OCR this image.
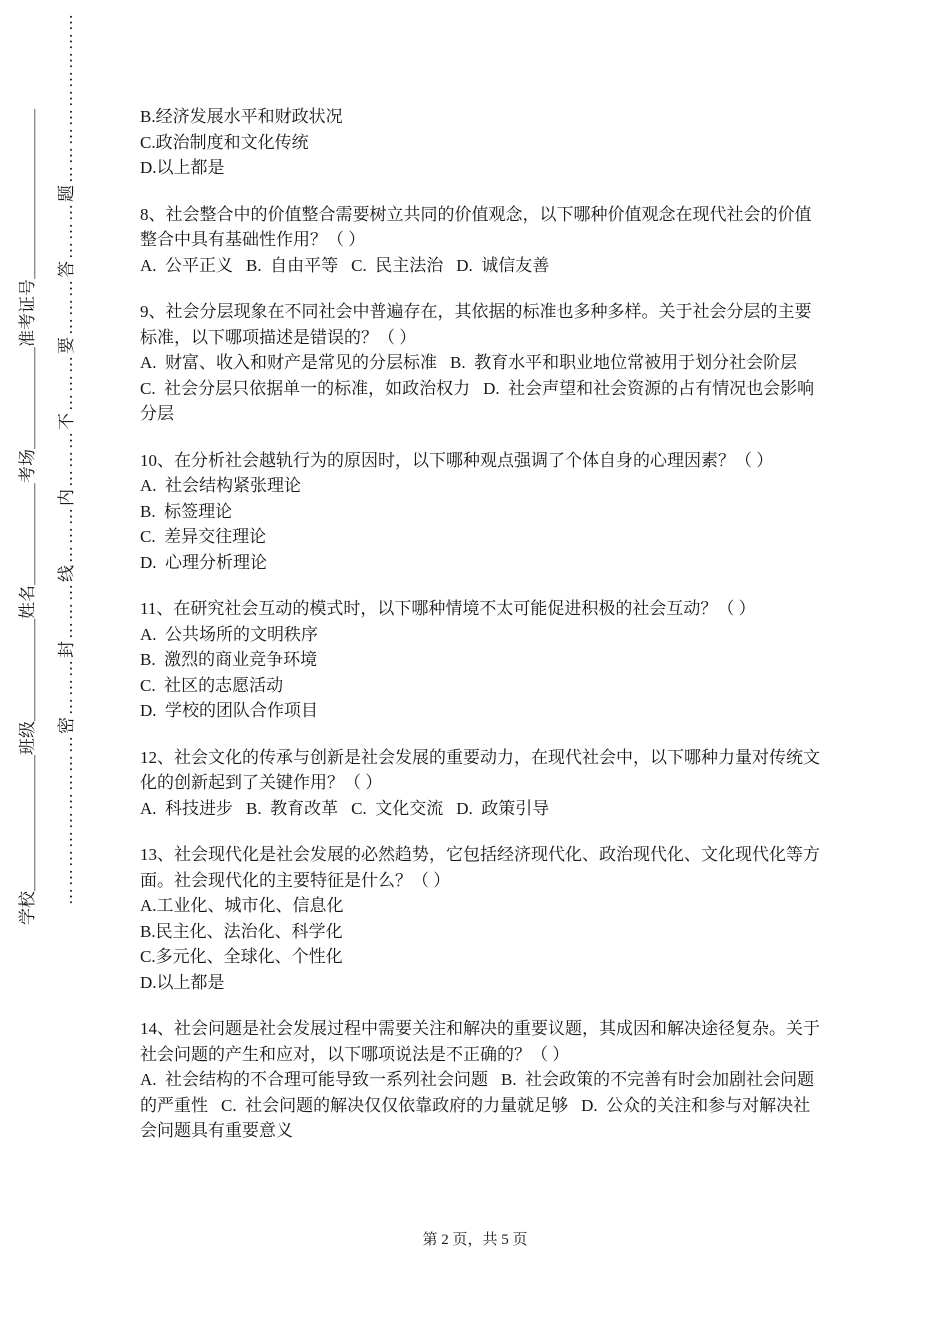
学校＿＿＿＿＿＿＿＿班级＿＿＿＿＿＿姓名＿＿＿＿＿＿考场＿＿＿＿＿＿准考证号＿＿＿＿＿＿＿＿＿＿ ………………………密………封………线………内………不………要………答………题………………………	B.经济发展水平和财政状况
C.政治制度和文化传统
D.以上都是
8、社会整合中的价值整合需要树立共同的价值观念，以下哪种价值观念在现代社会的价值整合中具有基础性作用？（ ）
A.  公平正义 B.  自由平等 C.  民主法治 D.  诚信友善
9、社会分层现象在不同社会中普遍存在，其依据的标准也多种多样。关于社会分层的主要标准，以下哪项描述是错误的？（ ）
A.  财富、收入和财产是常见的分层标准 B.  教育水平和职业地位常被用于划分社会阶层C.  社会分层只依据单一的标准，如政治权力 D.  社会声望和社会资源的占有情况也会影响分层
10、在分析社会越轨行为的原因时，以下哪种观点强调了个体自身的心理因素？（ ）
A.  社会结构紧张理论
B.  标签理论
C.  差异交往理论
D.  心理分析理论
11、在研究社会互动的模式时，以下哪种情境不太可能促进积极的社会互动？（ ）
A.  公共场所的文明秩序
B.  激烈的商业竞争环境
C.  社区的志愿活动
D.  学校的团队合作项目
12、社会文化的传承与创新是社会发展的重要动力，在现代社会中，以下哪种力量对传统文化的创新起到了关键作用？（ ）
A.  科技进步 B.  教育改革 C.  文化交流 D.  政策引导
13、社会现代化是社会发展的必然趋势，它包括经济现代化、政治现代化、文化现代化等方面。社会现代化的主要特征是什么？（ ）
A.工业化、城市化、信息化
B.民主化、法治化、科学化
C.多元化、全球化、个性化
D.以上都是
14、社会问题是社会发展过程中需要关注和解决的重要议题，其成因和解决途径复杂。关于社会问题的产生和应对，以下哪项说法是不正确的？（ ）
A.  社会结构的不合理可能导致一系列社会问题 B.  社会政策的不完善有时会加剧社会问题的严重性 C.  社会问题的解决仅仅依靠政府的力量就足够 D.  公众的关注和参与对解决社会问题具有重要意义
第 2 页，共 5 页
